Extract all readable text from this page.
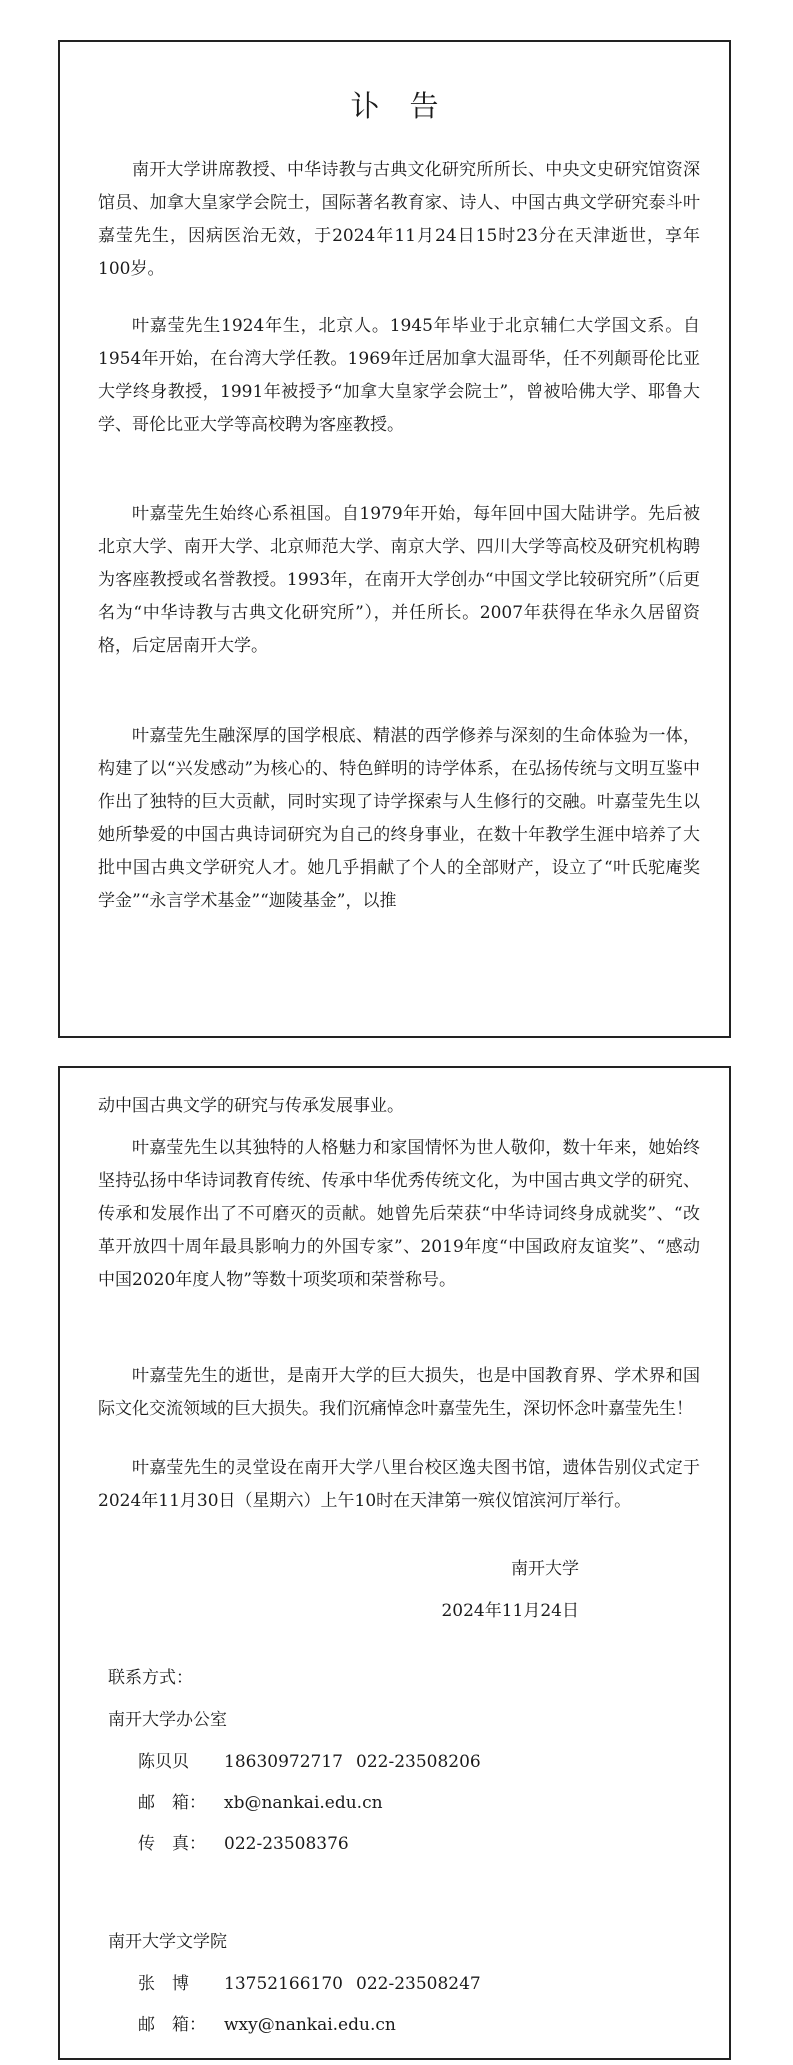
讣告

南开大学讲席教授、中华诗教与古典文化研究所所长、中央文史研究馆资深馆员、加拿大皇家学会院士，国际著名教育家、诗人、中国古典文学研究泰斗叶嘉莹先生，因病医治无效，于2024年11月24日15时23分在天津逝世，享年100岁。

叶嘉莹先生1924年生，北京人。1945年毕业于北京辅仁大学国文系。自1954年开始，在台湾大学任教。1969年迁居加拿大温哥华，任不列颠哥伦比亚大学终身教授，1991年被授予“加拿大皇家学会院士”，曾被哈佛大学、耶鲁大学、哥伦比亚大学等高校聘为客座教授。

叶嘉莹先生始终心系祖国。自1979年开始，每年回中国大陆讲学。先后被北京大学、南开大学、北京师范大学、南京大学、四川大学等高校及研究机构聘为客座教授或名誉教授。1993年，在南开大学创办“中国文学比较研究所”（后更名为“中华诗教与古典文化研究所”），并任所长。2007年获得在华永久居留资格，后定居南开大学。

叶嘉莹先生融深厚的国学根底、精湛的西学修养与深刻的生命体验为一体，构建了以“兴发感动”为核心的、特色鲜明的诗学体系，在弘扬传统与文明互鉴中作出了独特的巨大贡献，同时实现了诗学探索与人生修行的交融。叶嘉莹先生以她所挚爱的中国古典诗词研究为自己的终身事业，在数十年教学生涯中培养了大批中国古典文学研究人才。她几乎捐献了个人的全部财产，设立了“叶氏驼庵奖学金”“永言学术基金”“迦陵基金”，以推

动中国古典文学的研究与传承发展事业。

叶嘉莹先生以其独特的人格魅力和家国情怀为世人敬仰，数十年来，她始终坚持弘扬中华诗词教育传统、传承中华优秀传统文化，为中国古典文学的研究、传承和发展作出了不可磨灭的贡献。她曾先后荣获“中华诗词终身成就奖”、“改革开放四十周年最具影响力的外国专家”、2019年度“中国政府友谊奖”、“感动中国2020年度人物”等数十项奖项和荣誉称号。

叶嘉莹先生的逝世，是南开大学的巨大损失，也是中国教育界、学术界和国际文化交流领域的巨大损失。我们沉痛悼念叶嘉莹先生，深切怀念叶嘉莹先生！

叶嘉莹先生的灵堂设在南开大学八里台校区逸夫图书馆，遗体告别仪式定于2024年11月30日（星期六）上午10时在天津第一殡仪馆滨河厅举行。

南开大学
2024年11月24日
联系方式：
南开大学办公室
陈贝贝 18630972717 022-23508206
邮　箱： xb@nankai.edu.cn
传　真： 022-23508376
南开大学文学院
张　博 13752166170 022-23508247
邮　箱： wxy@nankai.edu.cn
